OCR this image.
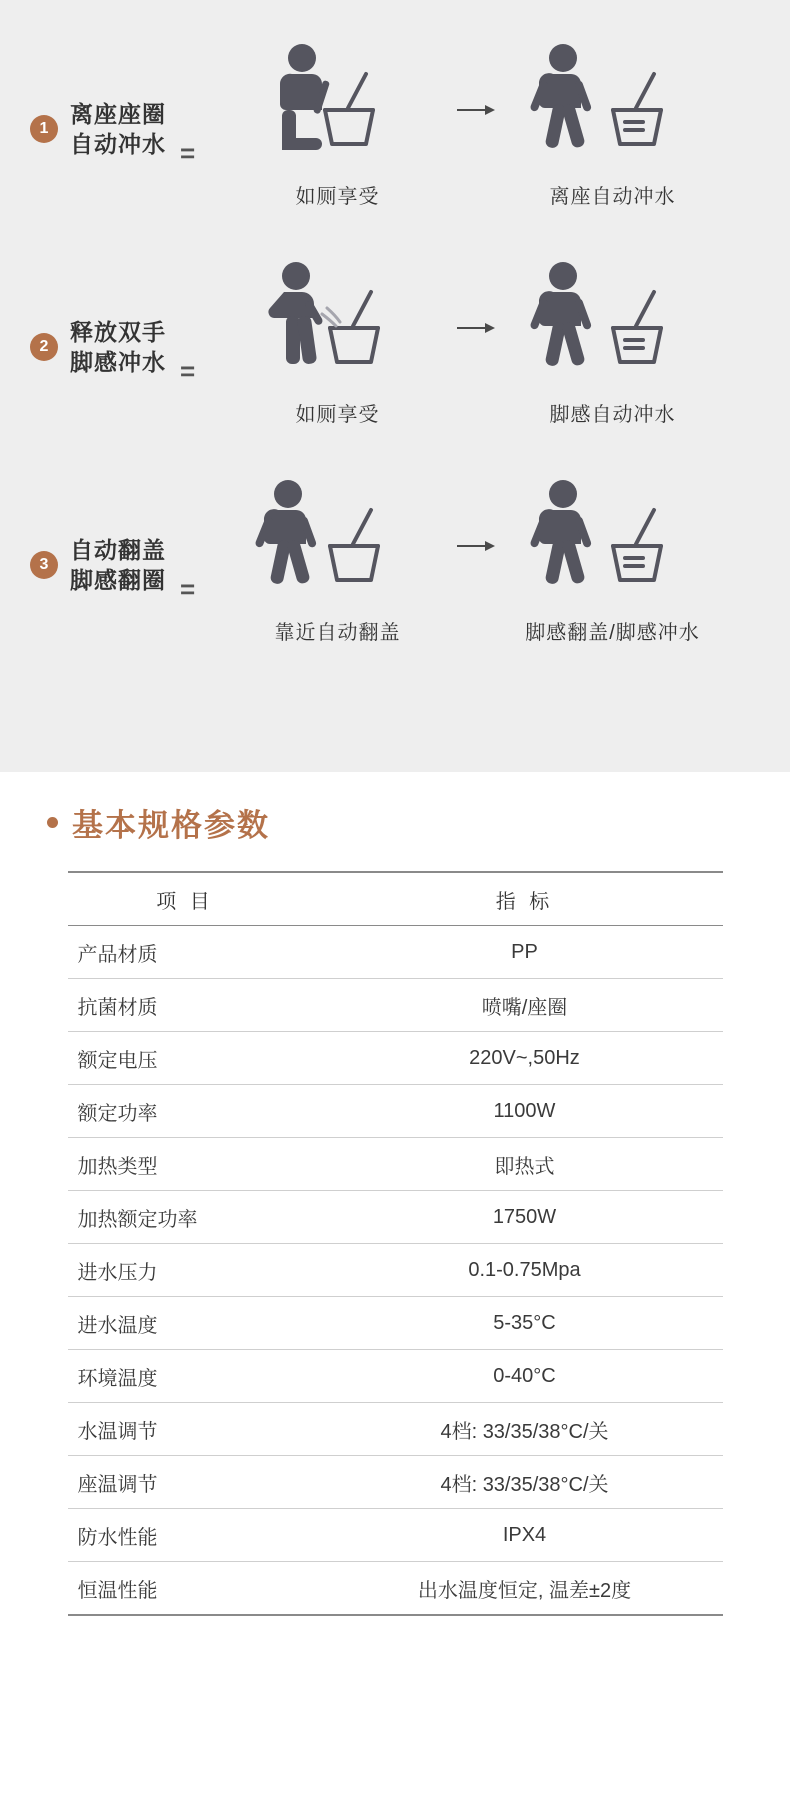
1
离座座圈
自动冲水 =
如厕享受	离座自动冲水
2
释放双手
脚感冲水 =
如厕享受	脚感自动冲水
3
自动翻盖
脚感翻圈 =
靠近自动翻盖	脚感翻盖/脚感冲水
基本规格参数
项 目	指 标
产品材质	PP
抗菌材质	喷嘴/座圈
额定电压	220V~,50Hz
额定功率	1100W
加热类型	即热式
加热额定功率	1750W
进水压力	0.1-0.75Mpa
进水温度	5-35°C
环境温度	0-40°C
水温调节	4档: 33/35/38°C/关
座温调节	4档: 33/35/38°C/关
防水性能	IPX4
恒温性能	出水温度恒定, 温差±2度
